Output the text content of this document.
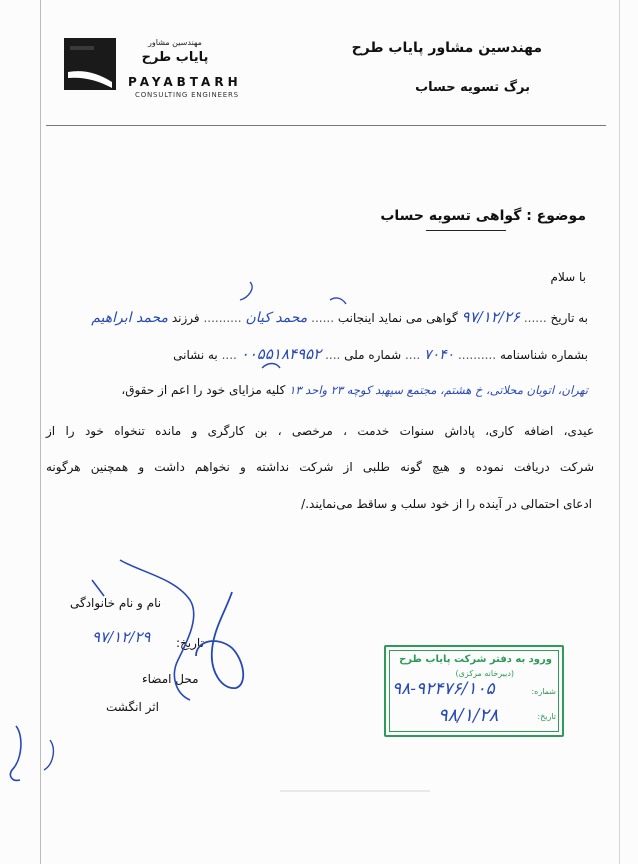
مهندسین مشاور
پایاب طرح
PAYABTARH
CONSULTING ENGINEERS
مهندسین مشاور پایاب طرح
برگ تسویه حساب
موضوع : گواهی تسویه حساب
با سلام
به تاریخ ...... ۹۷/۱۲/۲۶ گواهی می نماید اینجانب ...... محمد کیان .......... فرزند محمد ابراهیم
بشماره شناسنامه .......... ۷۰۴۰ .... شماره ملی .... ۰۰۵۵۱۸۴۹۵۲ .... به نشانی
تهران، اتوبان محلاتی، خ هشتم، مجتمع سپهبد کوچه ۲۳ واحد ۱۳ کلیه مزایای خود را اعم از حقوق،
عیدی، اضافه کاری، پاداش سنوات خدمت ، مرخصی ، بن کارگری و مانده تنخواه خود را از
شرکت دریافت نموده و هیچ گونه طلبی از شرکت نداشته و نخواهم داشت و همچنین هرگونه
ادعای احتمالی در آینده را از خود سلب و ساقط می‌نمایند./
نام و نام خانوادگی
تاریخ:
۹۷/۱۲/۲۹
محل امضاء
اثر انگشت
ورود به دفتر شرکت پایاب طرح
(دبیرخانه مرکزی)
شماره:
۹۸-۹۲۴۷۶/۱۰۵
تاریخ:
۹۸/۱/۲۸
